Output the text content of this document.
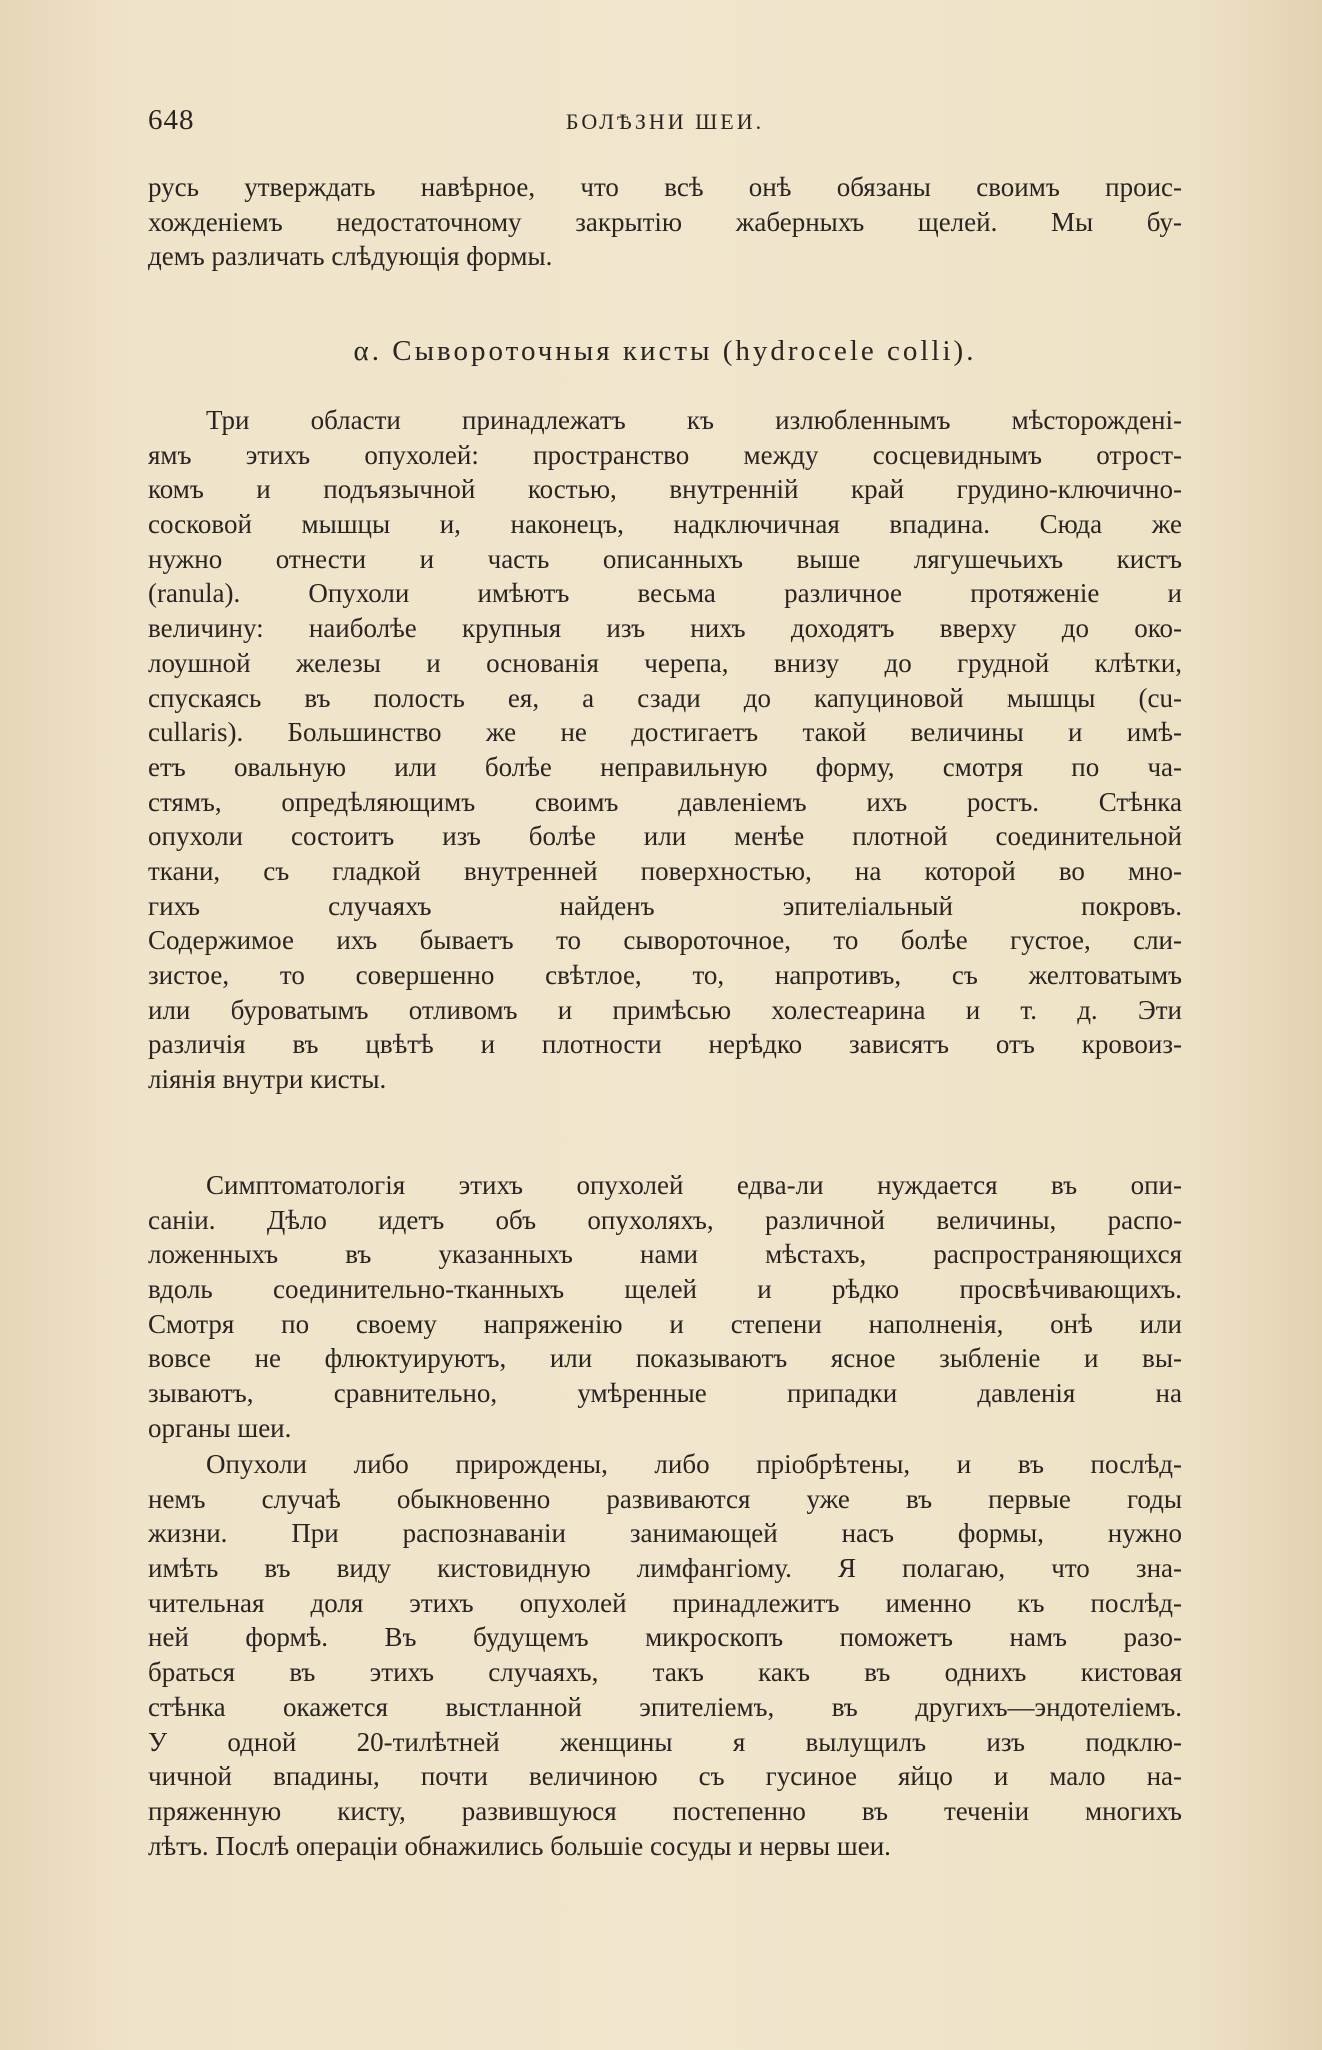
648	БОЛѢЗНИ ШЕИ.
русь утверждать навѣрное, что всѣ онѣ обязаны своимъ проис-
хожденіемъ недостаточному закрытію жаберныхъ щелей. Мы бу-
демъ различать слѣдующія формы.
α. Сывороточныя кисты (hydrocele colli).
Три области принадлежатъ къ излюбленнымъ мѣсторожденi-
ямъ этихъ опухолей: пространство между сосцевиднымъ отрост-
комъ и подъязычной костью, внутреннiй край грудино-ключично-
сосковой мышцы и, наконецъ, надключичная впадина. Сюда же
нужно отнести и часть описанныхъ выше лягушечьихъ кистъ
(ranula). Опухоли имѣютъ весьма различное протяженiе и
величину: наиболѣе крупныя изъ нихъ доходятъ вверху до око-
лоушной железы и основанiя черепа, внизу до грудной клѣтки,
спускаясь въ полость ея, а сзади до капуциновой мышцы (cu-
cullaris). Большинство же не достигаетъ такой величины и имѣ-
етъ овальную или болѣе неправильную форму, смотря по ча-
стямъ, опредѣляющимъ своимъ давленiемъ ихъ ростъ. Стѣнка
опухоли состоитъ изъ болѣе или менѣе плотной соединительной
ткани, съ гладкой внутренней поверхностью, на которой во мно-
гихъ случаяхъ найденъ эпителiальный покровъ.
Содержимое ихъ бываетъ то сывороточное, то болѣе густое, сли-
зистое, то совершенно свѣтлое, то, напротивъ, съ желтоватымъ
или буроватымъ отливомъ и примѣсью холестеарина и т. д. Эти
различiя въ цвѣтѣ и плотности нерѣдко зависятъ отъ кровоиз-
лiянiя внутри кисты.
Симптоматологiя этихъ опухолей едва-ли нуждается въ опи-
санiи. Дѣло идетъ объ опухоляхъ, различной величины, распо-
ложенныхъ въ указанныхъ нами мѣстахъ, распространяющихся
вдоль соединительно-тканныхъ щелей и рѣдко просвѣчивающихъ.
Смотря по своему напряженiю и степени наполненiя, онѣ или
вовсе не флюктуируютъ, или показываютъ ясное зыбленiе и вы-
зываютъ, сравнительно, умѣренные припадки давленiя на
органы шеи.
Опухоли либо прирождены, либо прiобрѣтены, и въ послѣд-
немъ случаѣ обыкновенно развиваются уже въ первые годы
жизни. При распознаванiи занимающей насъ формы, нужно
имѣть въ виду кистовидную лимфангiому. Я полагаю, что зна-
чительная доля этихъ опухолей принадлежитъ именно къ послѣд-
ней формѣ. Въ будущемъ микроскопъ поможетъ намъ разо-
браться въ этихъ случаяхъ, такъ какъ въ однихъ кистовая
стѣнка окажется выстланной эпителiемъ, въ другихъ—эндотелiемъ.
У одной 20-тилѣтней женщины я вылущилъ изъ подклю-
чичной впадины, почти величиною съ гусиное яйцо и мало на-
пряженную кисту, развившуюся постепенно въ теченiи многихъ
лѣтъ. Послѣ операцiи обнажились большiе сосуды и нервы шеи.
